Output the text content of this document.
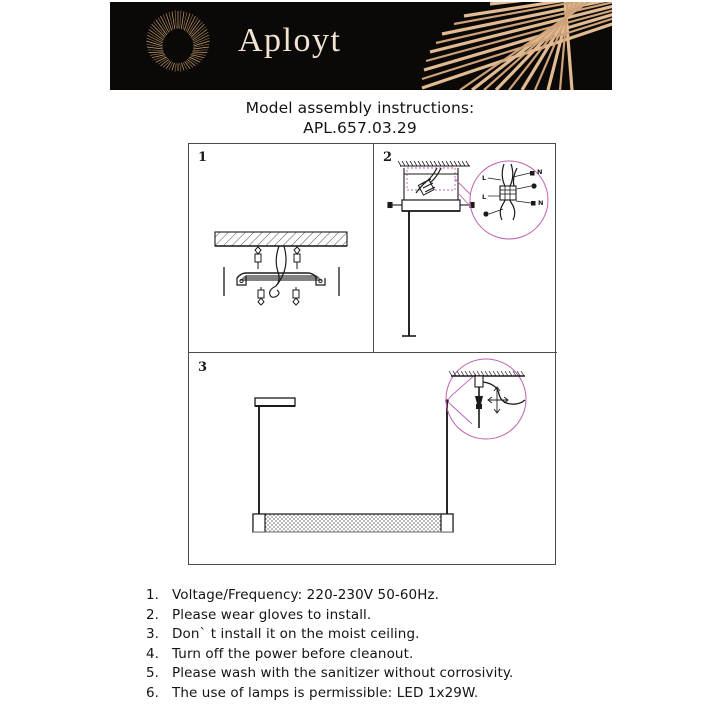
Aployt
Model assembly instructions:
APL.657.03.29
1	2
L
L
N
N
3
1. Voltage/Frequency: 220-230V 50-60Hz.
2. Please wear gloves to install.
3. Don` t install it on the moist ceiling.
4. Turn off the power before cleanout.
5. Please wash with the sanitizer without corrosivity.
6. The use of lamps is permissible: LED 1x29W.
